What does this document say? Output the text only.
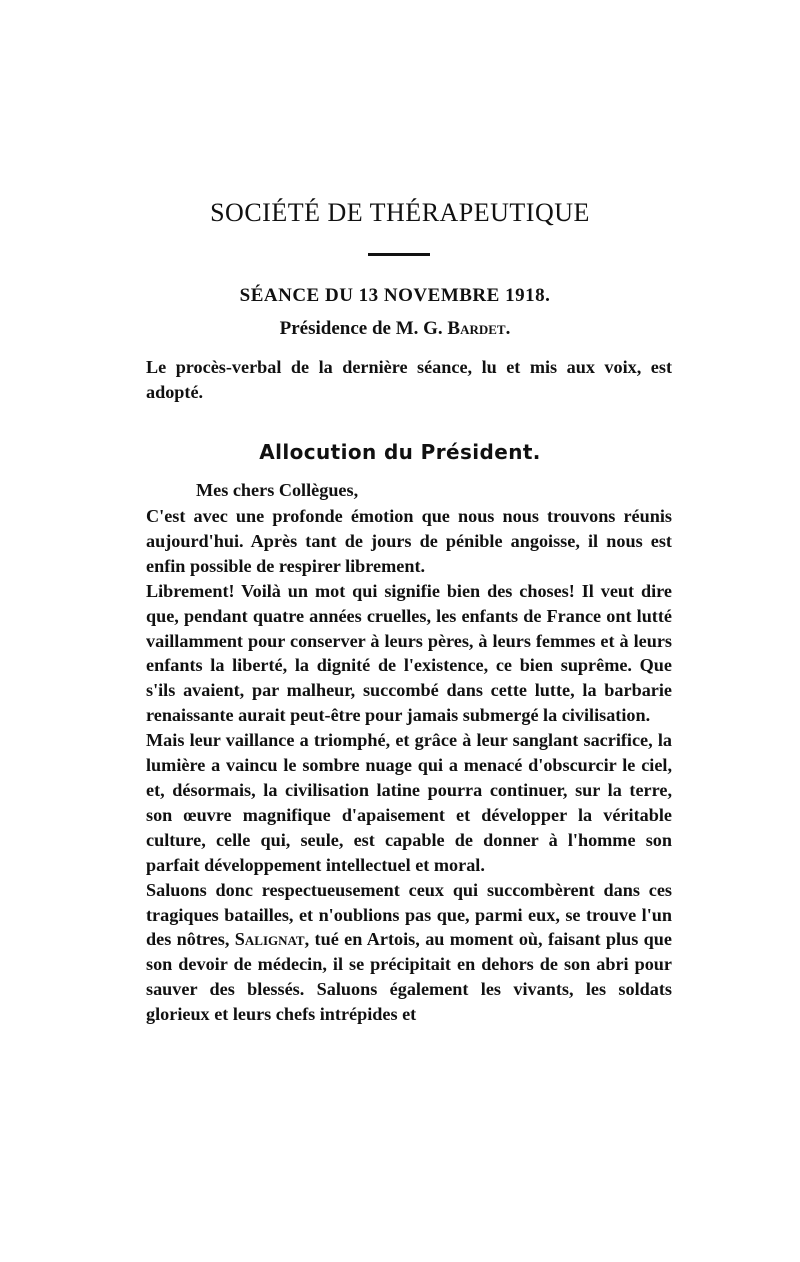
SOCIÉTÉ DE THÉRAPEUTIQUE
SÉANCE DU 13 NOVEMBRE 1918.
Présidence de M. G. Bardet.

Le procès-verbal de la dernière séance, lu et mis aux voix, est adopté.

Allocution du Président.
Mes chers Collègues,

C'est avec une profonde émotion que nous nous trouvons réunis aujourd'hui. Après tant de jours de pénible angoisse, il nous est enfin possible de respirer librement.

Librement! Voilà un mot qui signifie bien des choses! Il veut dire que, pendant quatre années cruelles, les enfants de France ont lutté vaillamment pour conserver à leurs pères, à leurs femmes et à leurs enfants la liberté, la dignité de l'existence, ce bien suprême. Que s'ils avaient, par malheur, succombé dans cette lutte, la barbarie renaissante aurait peut-être pour jamais submergé la civilisation.

Mais leur vaillance a triomphé, et grâce à leur sanglant sacrifice, la lumière a vaincu le sombre nuage qui a menacé d'obscurcir le ciel, et, désormais, la civilisation latine pourra continuer, sur la terre, son œuvre magnifique d'apaisement et développer la véritable culture, celle qui, seule, est capable de donner à l'homme son parfait développement intellectuel et moral.

Saluons donc respectueusement ceux qui succombèrent dans ces tragiques batailles, et n'oublions pas que, parmi eux, se trouve l'un des nôtres, Salignat, tué en Artois, au moment où, faisant plus que son devoir de médecin, il se précipitait en dehors de son abri pour sauver des blessés. Saluons également les vivants, les soldats glorieux et leurs chefs intrépides et
